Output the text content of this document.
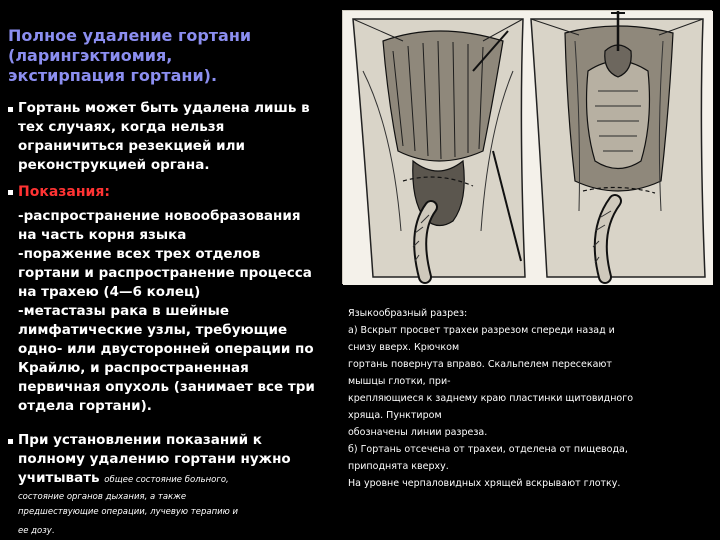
Полное удаление гортани
(ларингэктиомия,
экстирпация гортани).
Гортань может быть удалена лишь в
тех случаях, когда нельзя
ограничиться резекцией или
реконструкцией органа.
Показания:
-распространение новообразования
на часть корня языка
-поражение всех трех отделов
гортани и распространение процесса
на трахею (4—6 колец)
-метастазы рака в шейные
лимфатические узлы, требующие
одно- или двусторонней операции по
Крайлю, и распространенная
первичная опухоль (занимает все три
отдела гортани).
При установлении показаний к
полному удалению гортани нужно
учитывать общее состояние больного,
состояние органов дыхания, а также
предшествующие операции, лучевую терапию и
ее дозу.
Языкообразный разрез:
а) Вскрыт просвет трахеи разрезом спереди назад и
снизу вверх. Крючком
гортань повернута вправо. Скальпелем пересекают
мышцы глотки, при-
крепляющиеся к заднему краю пластинки щитовидного
хряща. Пунктиром
обозначены линии разреза.
б) Гортань отсечена от трахеи, отделена от пищевода,
приподнята кверху.
На уровне черпаловидных хрящей вскрывают глотку.
